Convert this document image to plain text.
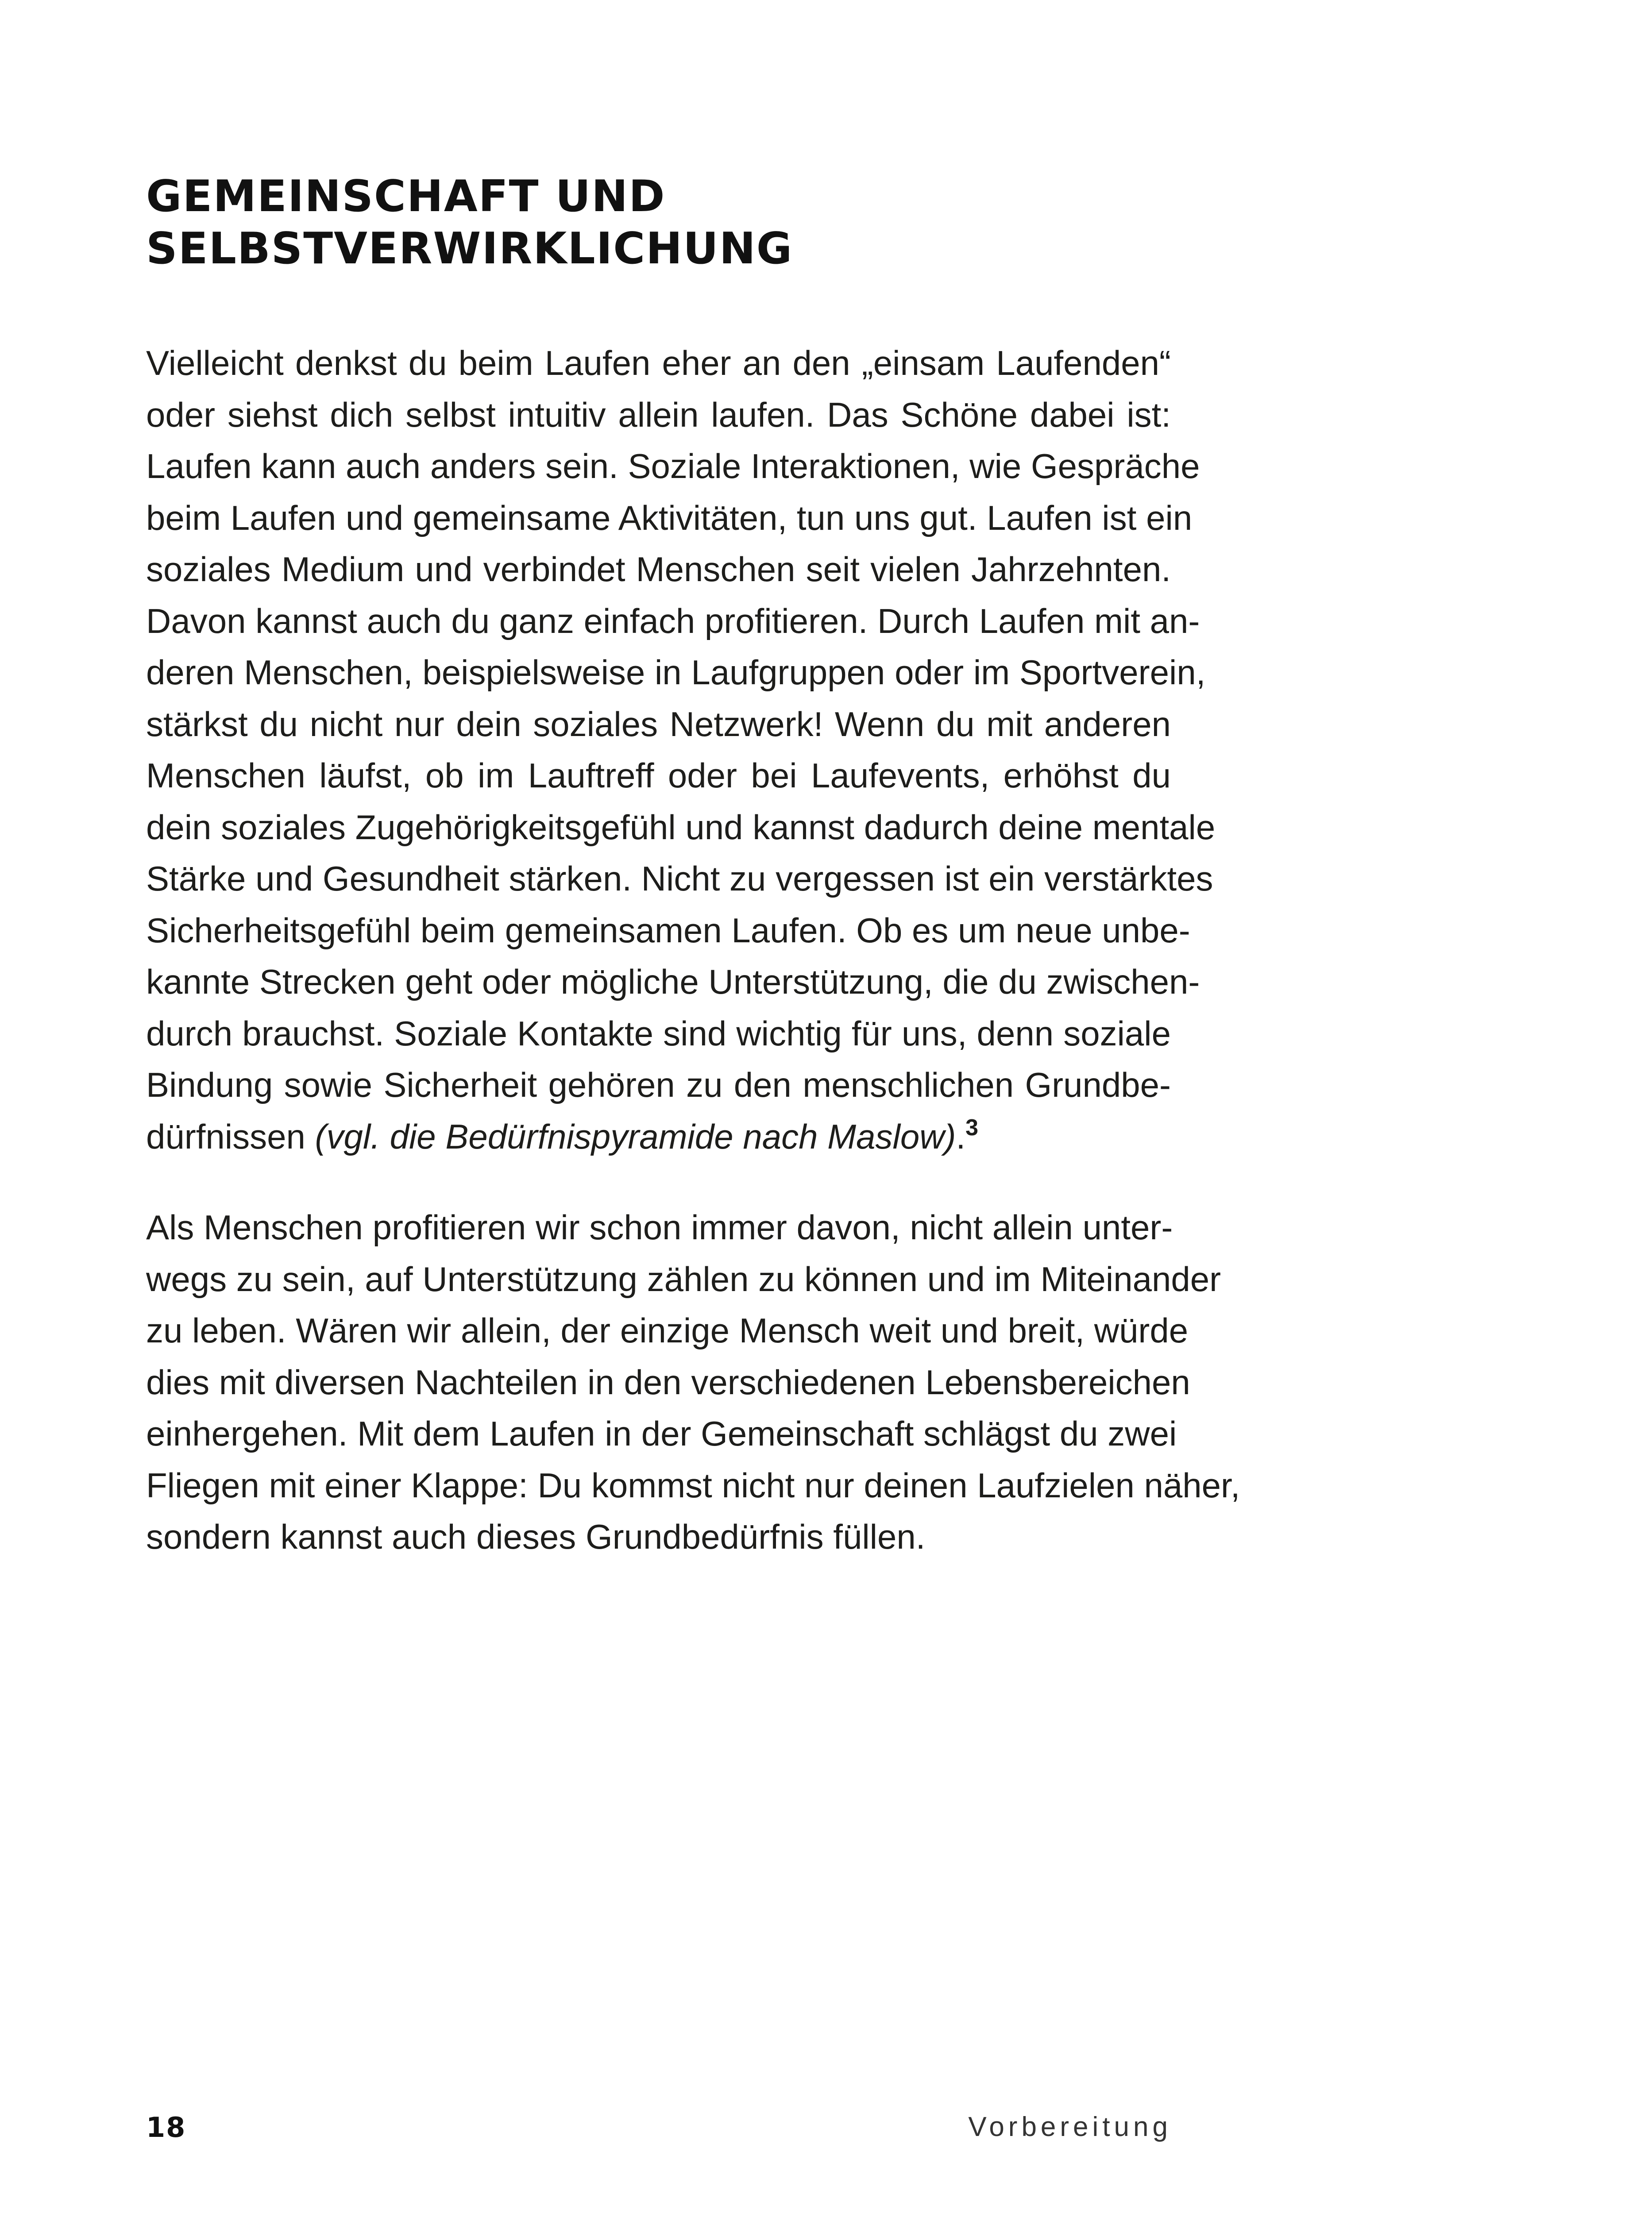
GEMEINSCHAFT UND
SELBSTVERWIRKLICHUNG
Vielleicht denkst du beim Laufen eher an den „einsam Laufenden“
oder siehst dich selbst intuitiv allein laufen. Das Schöne dabei ist:
Laufen kann auch anders sein. Soziale Interaktionen, wie Gespräche
beim Laufen und gemeinsame Aktivitäten, tun uns gut. Laufen ist ein
soziales Medium und verbindet Menschen seit vielen Jahrzehnten.
Davon kannst auch du ganz einfach profitieren. Durch Laufen mit an-
deren Menschen, beispielsweise in Laufgruppen oder im Sportverein,
stärkst du nicht nur dein soziales Netzwerk! Wenn du mit anderen
Menschen läufst, ob im Lauftreff oder bei Laufevents, erhöhst du
dein soziales Zugehörigkeitsgefühl und kannst dadurch deine mentale
Stärke und Gesundheit stärken. Nicht zu vergessen ist ein verstärktes
Sicherheitsgefühl beim gemeinsamen Laufen. Ob es um neue unbe-
kannte Strecken geht oder mögliche Unterstützung, die du zwischen-
durch brauchst. Soziale Kontakte sind wichtig für uns, denn soziale
Bindung sowie Sicherheit gehören zu den menschlichen Grundbe-
dürfnissen (vgl. die Bedürfnispyramide nach Maslow).$^3$
Als Menschen profitieren wir schon immer davon, nicht allein unter-
wegs zu sein, auf Unterstützung zählen zu können und im Miteinander
zu leben. Wären wir allein, der einzige Mensch weit und breit, würde
dies mit diversen Nachteilen in den verschiedenen Lebensbereichen
einhergehen. Mit dem Laufen in der Gemeinschaft schlägst du zwei
Fliegen mit einer Klappe: Du kommst nicht nur deinen Laufzielen näher,
sondern kannst auch dieses Grundbedürfnis füllen.

18	Vorbereitung
